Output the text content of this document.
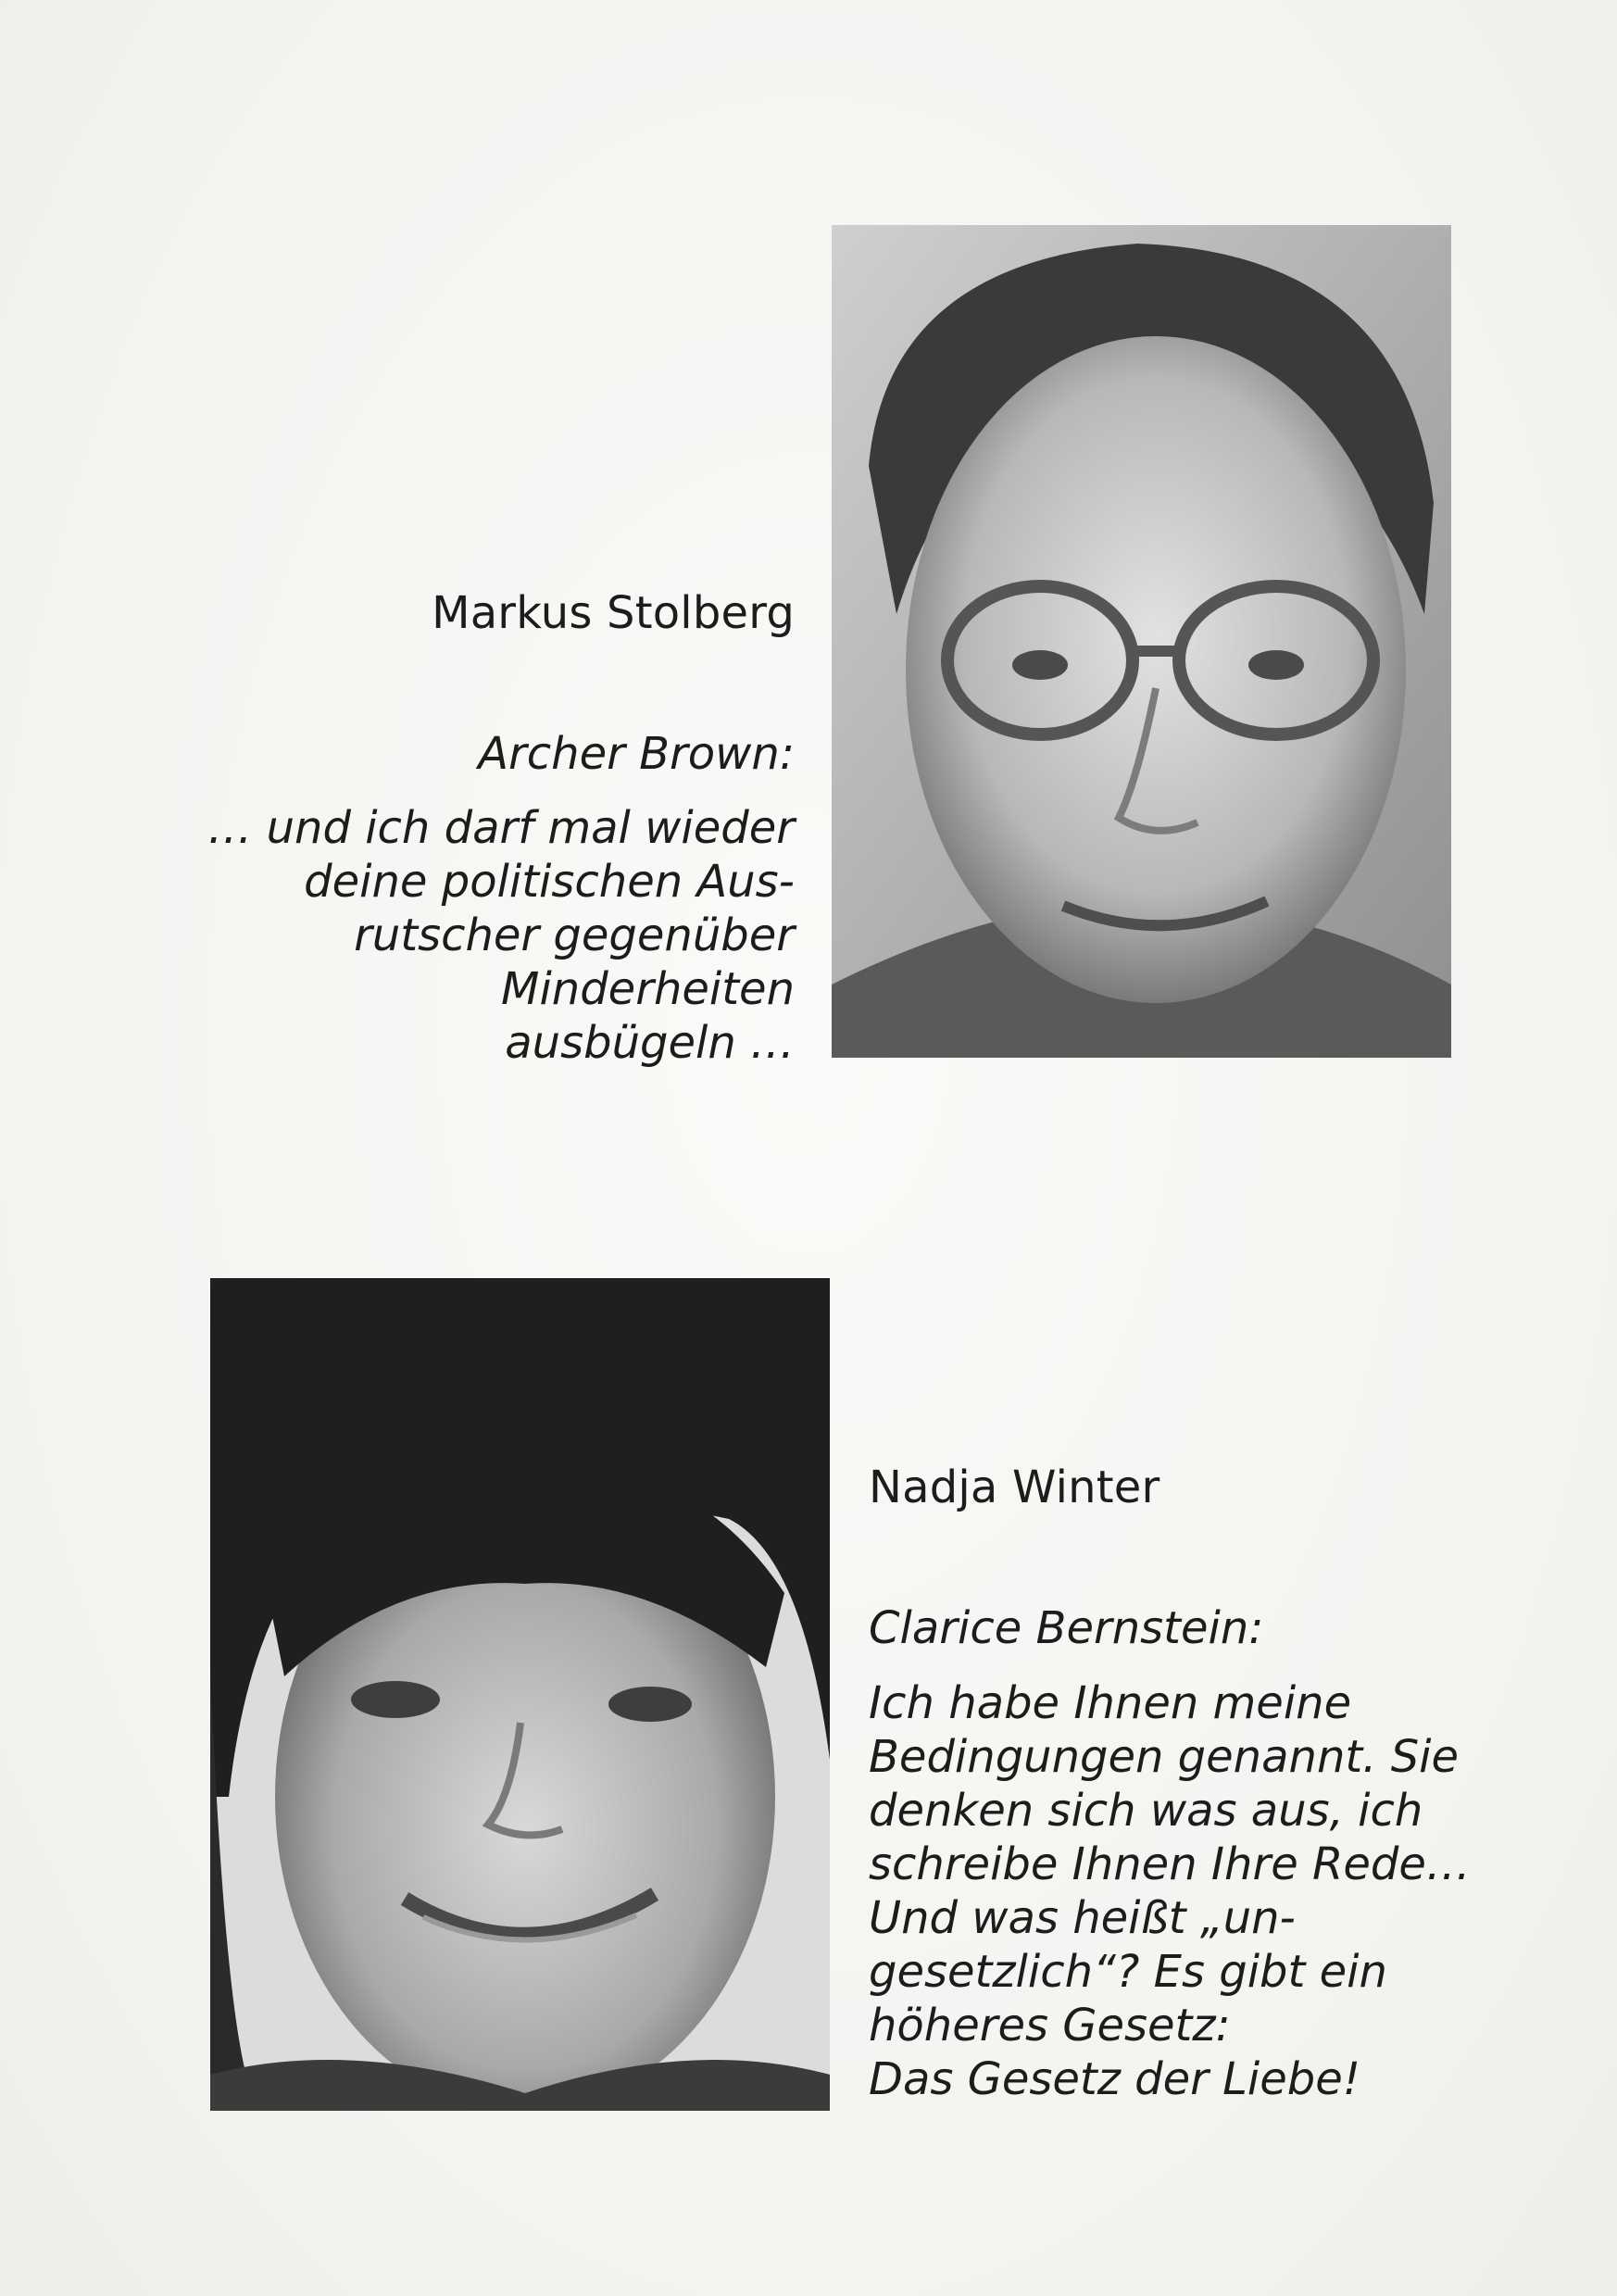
Markus Stolberg
Archer Brown:
… und ich darf mal wieder
deine politischen Aus-
rutscher gegenüber
Minderheiten
ausbügeln …
Nadja Winter
Clarice Bernstein:
Ich habe Ihnen meine
Bedingungen genannt. Sie
denken sich was aus, ich
schreibe Ihnen Ihre Rede…
Und was heißt „un-
gesetzlich“? Es gibt ein
höheres Gesetz:
Das Gesetz der Liebe!
